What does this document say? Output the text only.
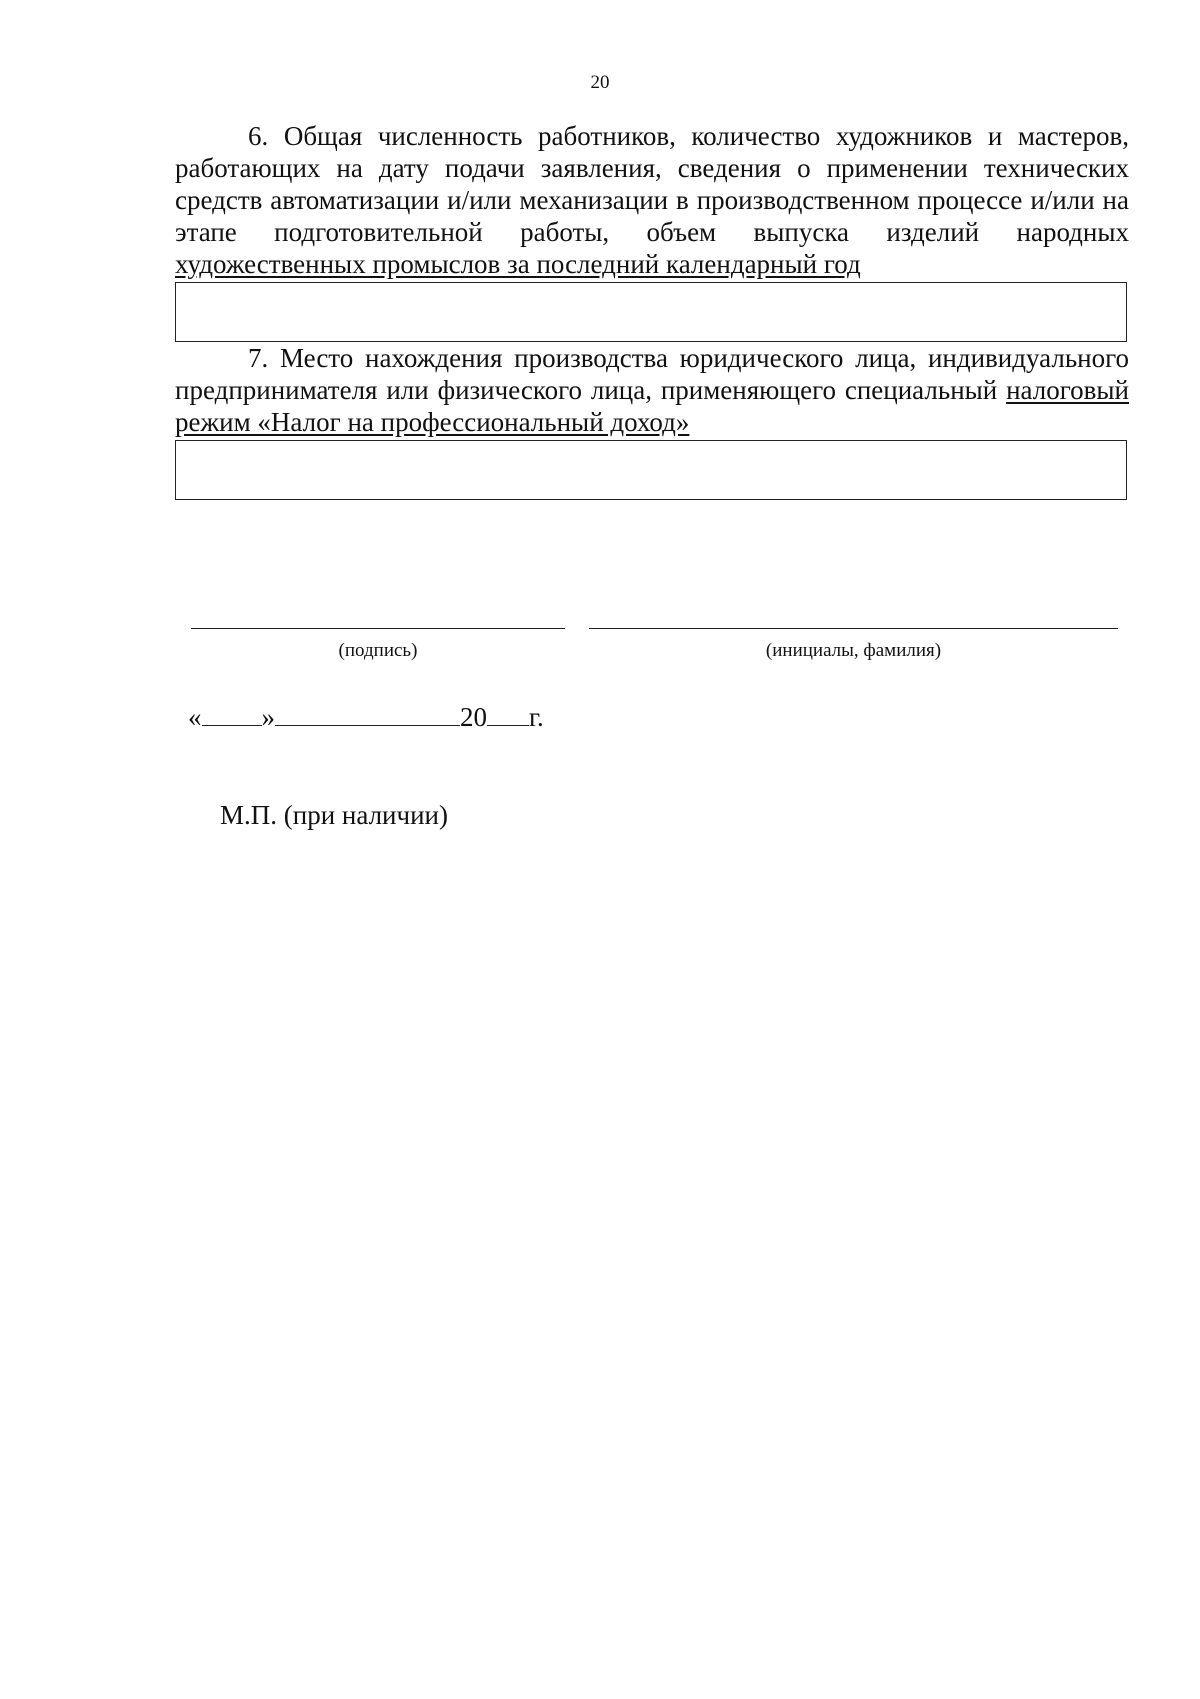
20

6. Общая численность работников, количество художников и мастеров, работающих на дату подачи заявления, сведения о применении технических средств автоматизации и/или механизации в производственном процессе и/или на этапе подготовительной работы, объем выпуска изделий народных художественных промыслов за последний календарный год

7. Место нахождения производства юридического лица, индивидуального предпринимателя или физического лица, применяющего специальный налоговый режим «Налог на профессиональный доход»

(подпись)	(инициалы, фамилия)
« »	20 г.
М.П. (при наличии)
